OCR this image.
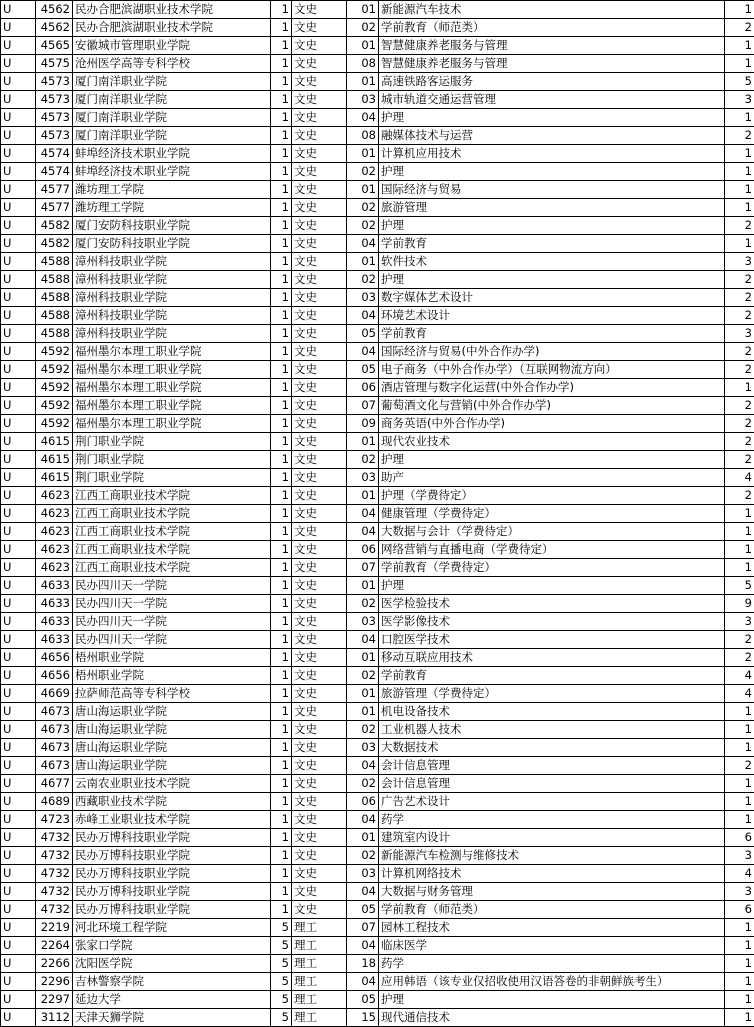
U	4562	民办合肥滨湖职业技术学院	1	文史	01	新能源汽车技术	1
U	4562	民办合肥滨湖职业技术学院	1	文史	02	学前教育（师范类）	2
U	4565	安徽城市管理职业学院	1	文史	01	智慧健康养老服务与管理	1
U	4575	沧州医学高等专科学校	1	文史	08	智慧健康养老服务与管理	1
U	4573	厦门南洋职业学院	1	文史	01	高速铁路客运服务	5
U	4573	厦门南洋职业学院	1	文史	03	城市轨道交通运营管理	3
U	4573	厦门南洋职业学院	1	文史	04	护理	1
U	4573	厦门南洋职业学院	1	文史	08	融媒体技术与运营	2
U	4574	蚌埠经济技术职业学院	1	文史	01	计算机应用技术	1
U	4574	蚌埠经济技术职业学院	1	文史	02	护理	1
U	4577	潍坊理工学院	1	文史	01	国际经济与贸易	1
U	4577	潍坊理工学院	1	文史	02	旅游管理	1
U	4582	厦门安防科技职业学院	1	文史	02	护理	2
U	4582	厦门安防科技职业学院	1	文史	04	学前教育	1
U	4588	漳州科技职业学院	1	文史	01	软件技术	3
U	4588	漳州科技职业学院	1	文史	02	护理	2
U	4588	漳州科技职业学院	1	文史	03	数字媒体艺术设计	2
U	4588	漳州科技职业学院	1	文史	04	环境艺术设计	2
U	4588	漳州科技职业学院	1	文史	05	学前教育	3
U	4592	福州墨尔本理工职业学院	1	文史	04	国际经济与贸易(中外合作办学)	2
U	4592	福州墨尔本理工职业学院	1	文史	05	电子商务（中外合作办学）（互联网物流方向）	2
U	4592	福州墨尔本理工职业学院	1	文史	06	酒店管理与数字化运营(中外合作办学)	1
U	4592	福州墨尔本理工职业学院	1	文史	07	葡萄酒文化与营销(中外合作办学)	2
U	4592	福州墨尔本理工职业学院	1	文史	09	商务英语(中外合作办学)	2
U	4615	荆门职业学院	1	文史	01	现代农业技术	2
U	4615	荆门职业学院	1	文史	02	护理	2
U	4615	荆门职业学院	1	文史	03	助产	4
U	4623	江西工商职业技术学院	1	文史	01	护理（学费待定）	2
U	4623	江西工商职业技术学院	1	文史	04	健康管理（学费待定）	1
U	4623	江西工商职业技术学院	1	文史	04	大数据与会计（学费待定）	1
U	4623	江西工商职业技术学院	1	文史	06	网络营销与直播电商（学费待定）	1
U	4623	江西工商职业技术学院	1	文史	07	学前教育（学费待定）	1
U	4633	民办四川天一学院	1	文史	01	护理	5
U	4633	民办四川天一学院	1	文史	02	医学检验技术	9
U	4633	民办四川天一学院	1	文史	03	医学影像技术	3
U	4633	民办四川天一学院	1	文史	04	口腔医学技术	2
U	4656	梧州职业学院	1	文史	01	移动互联应用技术	2
U	4656	梧州职业学院	1	文史	02	学前教育	4
U	4669	拉萨师范高等专科学校	1	文史	01	旅游管理（学费待定）	4
U	4673	唐山海运职业学院	1	文史	01	机电设备技术	1
U	4673	唐山海运职业学院	1	文史	02	工业机器人技术	1
U	4673	唐山海运职业学院	1	文史	03	大数据技术	1
U	4673	唐山海运职业学院	1	文史	04	会计信息管理	2
U	4677	云南农业职业技术学院	1	文史	02	会计信息管理	1
U	4689	西藏职业技术学院	1	文史	06	广告艺术设计	1
U	4723	赤峰工业职业技术学院	1	文史	04	药学	1
U	4732	民办万博科技职业学院	1	文史	01	建筑室内设计	6
U	4732	民办万博科技职业学院	1	文史	02	新能源汽车检测与维修技术	3
U	4732	民办万博科技职业学院	1	文史	03	计算机网络技术	4
U	4732	民办万博科技职业学院	1	文史	04	大数据与财务管理	3
U	4732	民办万博科技职业学院	1	文史	05	学前教育（师范类）	6
U	2219	河北环境工程学院	5	理工	07	园林工程技术	1
U	2264	张家口学院	5	理工	04	临床医学	1
U	2266	沈阳医学院	5	理工	18	药学	1
U	2296	吉林警察学院	5	理工	04	应用韩语（该专业仅招收使用汉语答卷的非朝鲜族考生）	1
U	2297	延边大学	5	理工	05	护理	1
U	3112	天津天狮学院	5	理工	15	现代通信技术	1
